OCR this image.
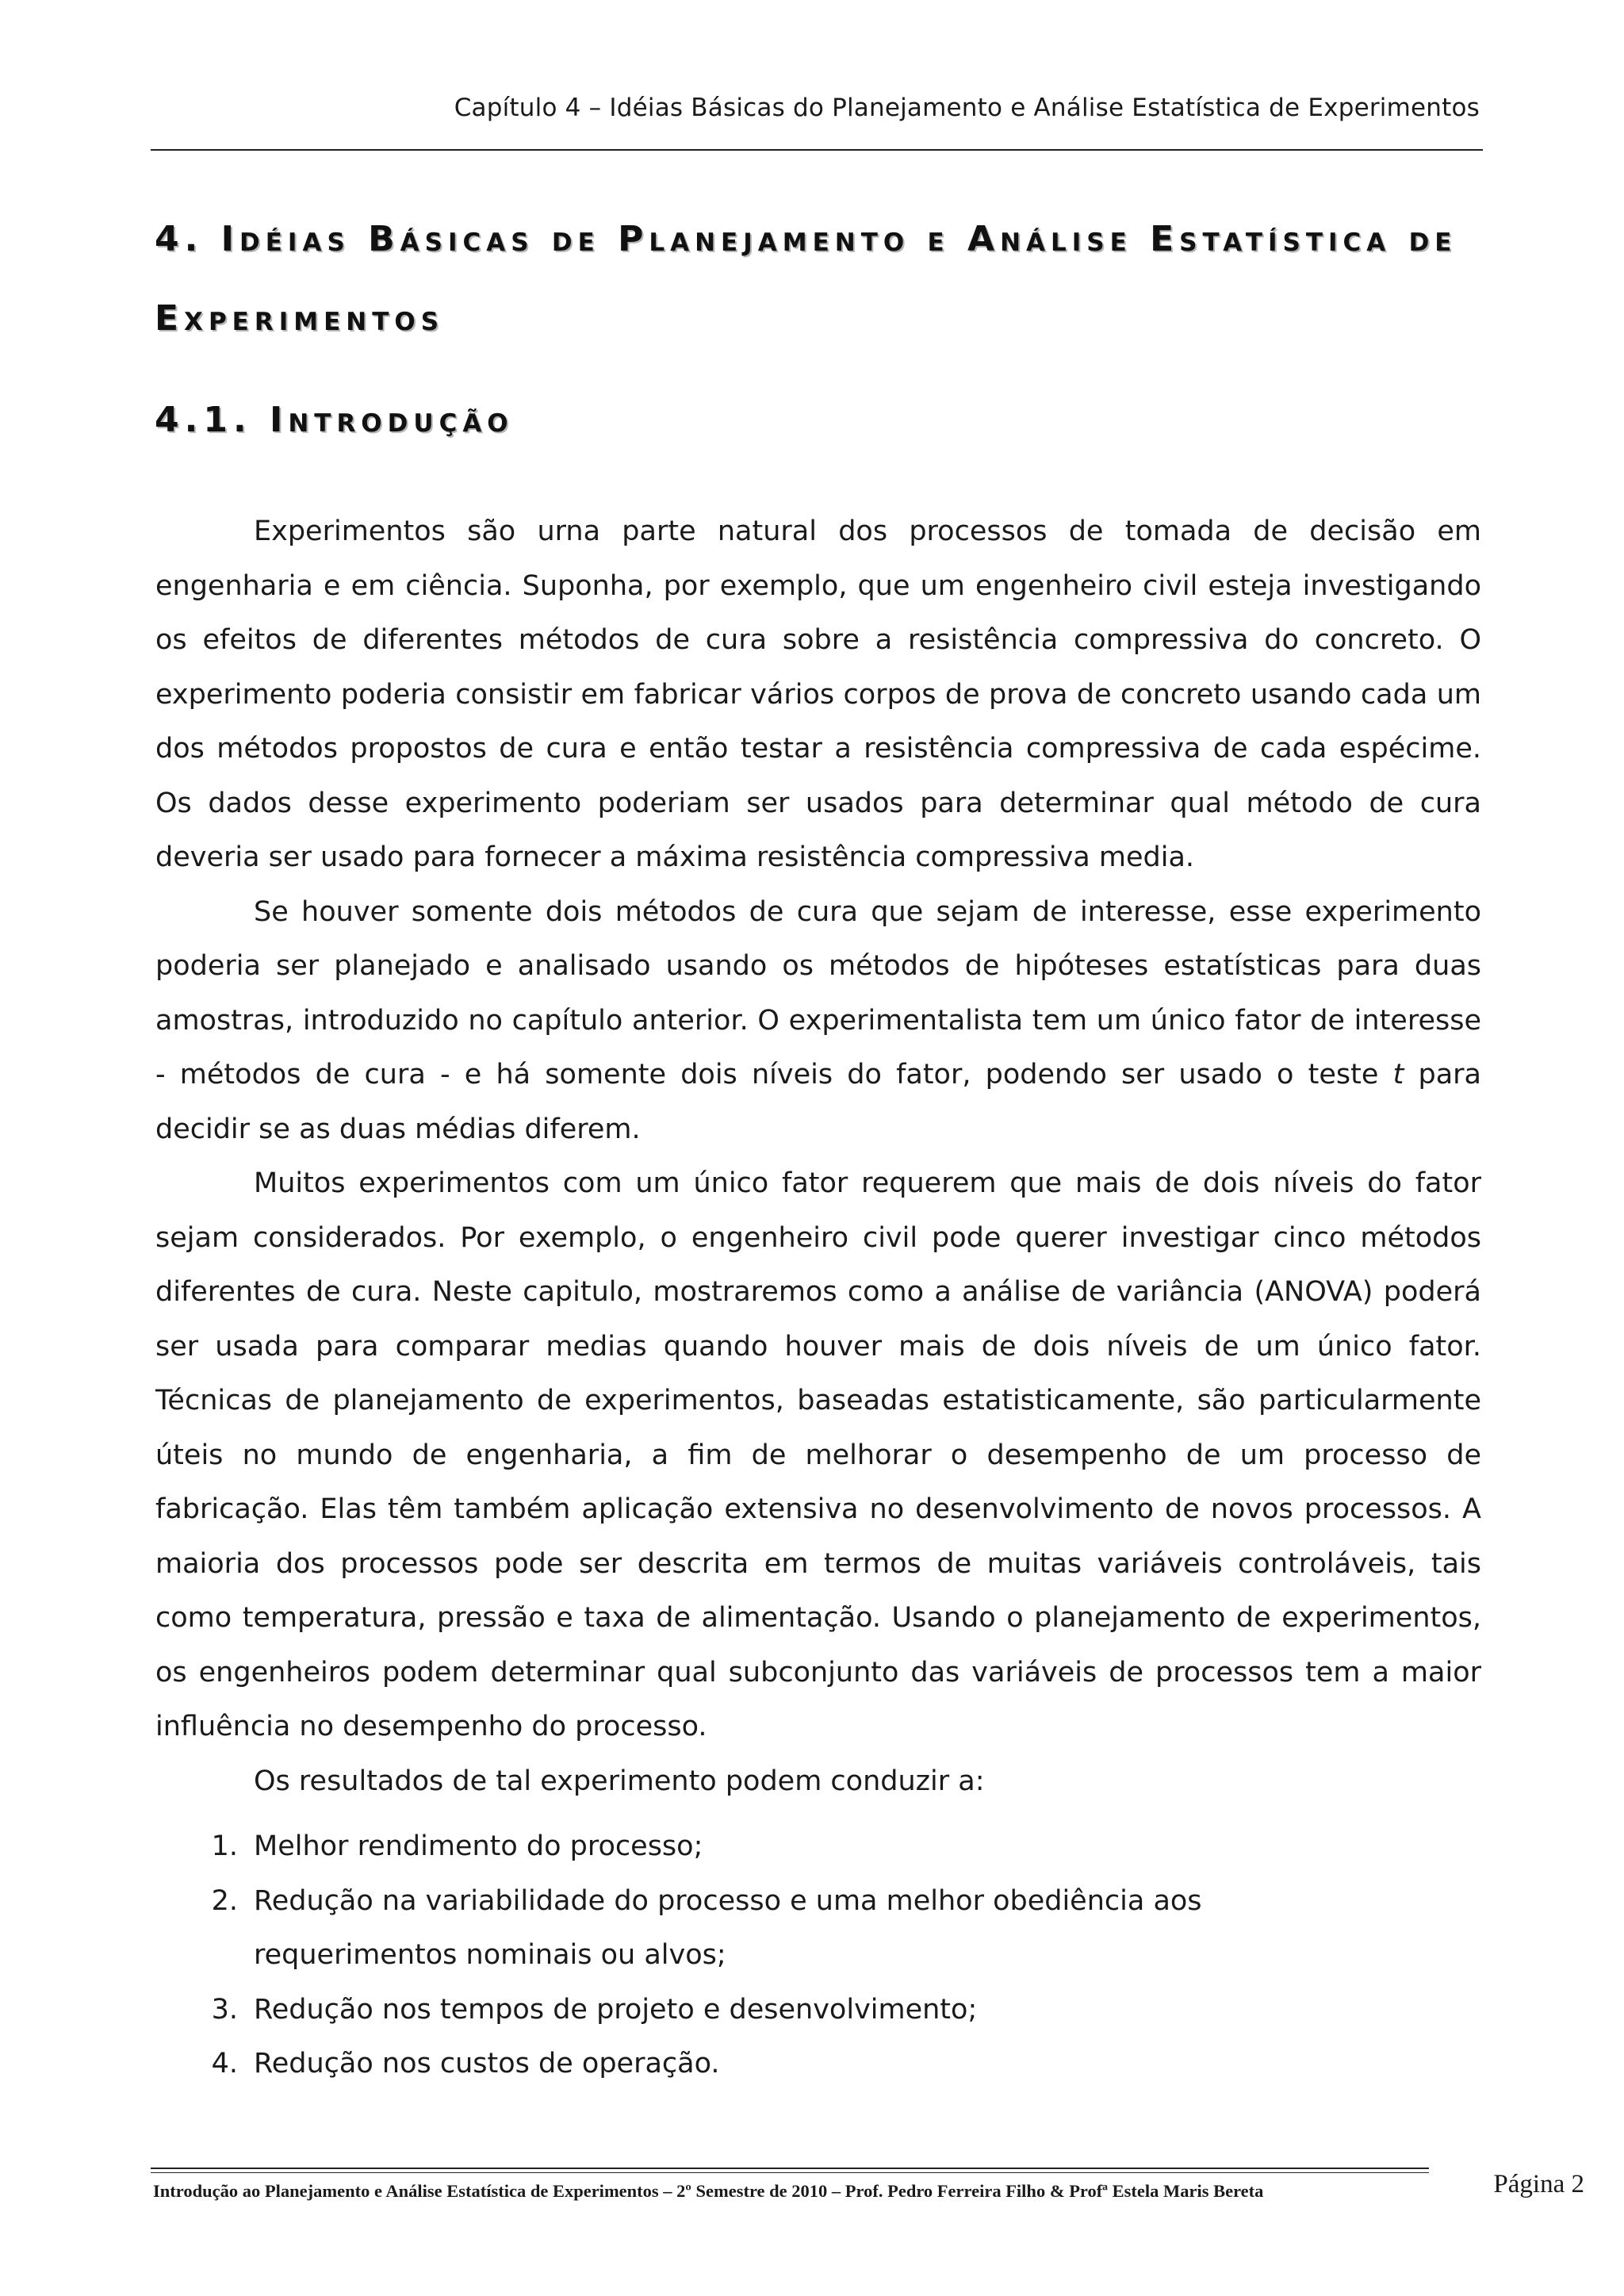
Capítulo 4 – Idéias Básicas do Planejamento e Análise Estatística de Experimentos
4. Idéias Básicas de Planejamento e Análise Estatística de Experimentos
4.1. Introdução

Experimentos são urna parte natural dos processos de tomada de decisão em engenharia e em ciência. Suponha, por exemplo, que um engenheiro civil esteja investigando os efeitos de diferentes métodos de cura sobre a resistência compressiva do concreto. O experimento poderia consistir em fabricar vários corpos de prova de concreto usando cada um dos métodos propostos de cura e então testar a resistência compressiva de cada espécime. Os dados desse experimento poderiam ser usados para determinar qual método de cura deveria ser usado para fornecer a máxima resistência compressiva media.

Se houver somente dois métodos de cura que sejam de interesse, esse experimento poderia ser planejado e analisado usando os métodos de hipóteses estatísticas para duas amostras, introduzido no capítulo anterior. O experimentalista tem um único fator de interesse - métodos de cura - e há somente dois níveis do fator, podendo ser usado o teste t para decidir se as duas médias diferem.

Muitos experimentos com um único fator requerem que mais de dois níveis do fator sejam considerados. Por exemplo, o engenheiro civil pode querer investigar cinco métodos diferentes de cura. Neste capitulo, mostraremos como a análise de variância (ANOVA) poderá ser usada para comparar medias quando houver mais de dois níveis de um único fator. Técnicas de planejamento de experimentos, baseadas estatisticamente, são particularmente úteis no mundo de engenharia, a fim de melhorar o desempenho de um processo de fabricação. Elas têm também aplicação extensiva no desenvolvimento de novos processos. A maioria dos processos pode ser descrita em termos de muitas variáveis controláveis, tais como temperatura, pressão e taxa de alimentação. Usando o planejamento de experimentos, os engenheiros podem determinar qual subconjunto das variáveis de processos tem a maior influência no desempenho do processo.

Os resultados de tal experimento podem conduzir a:

1. Melhor rendimento do processo;
2. Redução na variabilidade do processo e uma melhor obediência aos requerimentos nominais ou alvos;
3. Redução nos tempos de projeto e desenvolvimento;
4. Redução nos custos de operação.
Introdução ao Planejamento e Análise Estatística de Experimentos – 2º Semestre de 2010 – Prof. Pedro Ferreira Filho & Profª Estela Maris Bereta	Página 2
